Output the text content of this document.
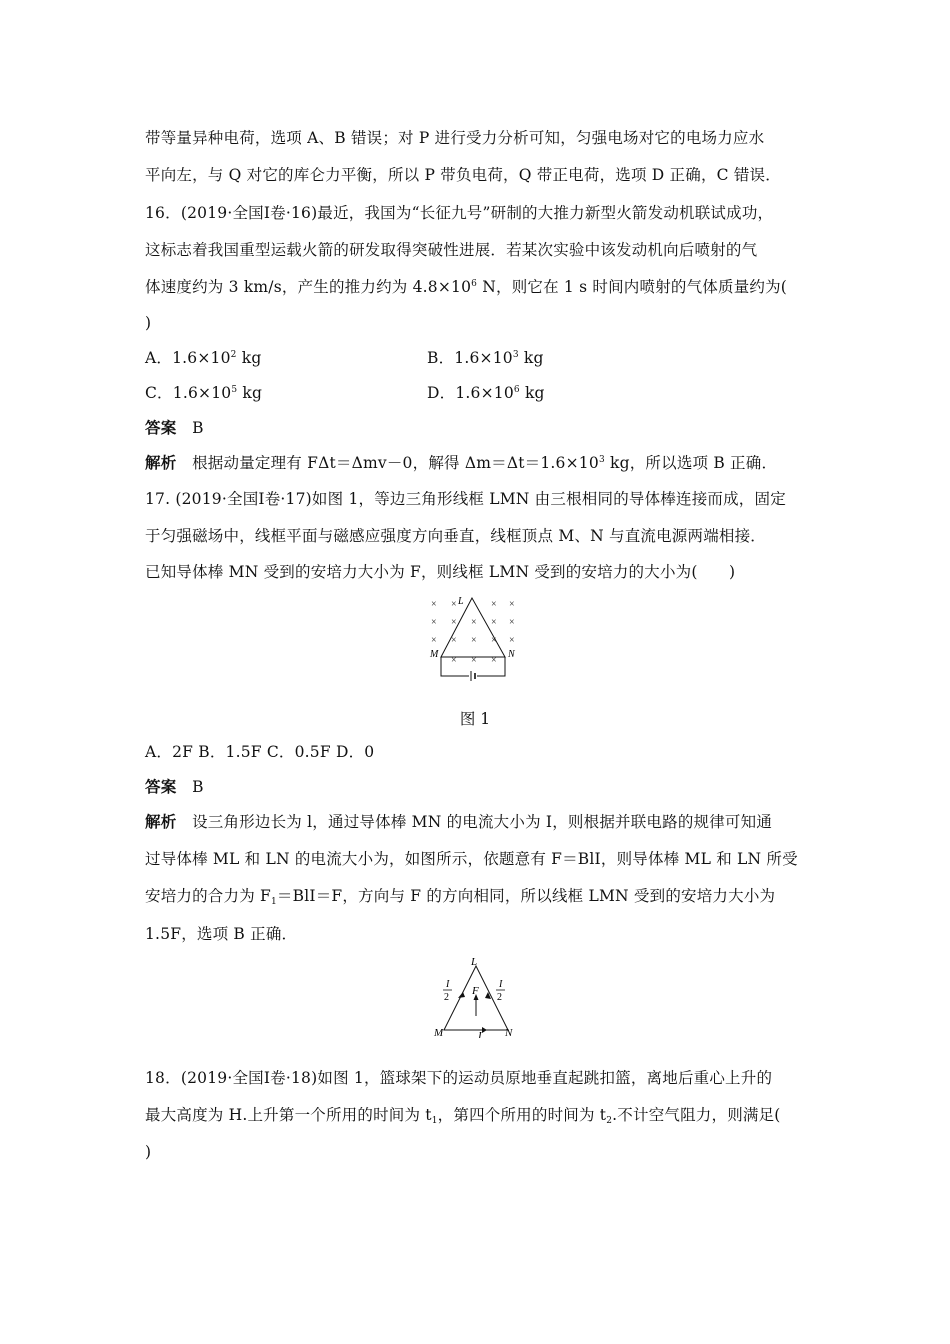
带等量异种电荷，选项 A、B 错误；对 P 进行受力分析可知，匀强电场对它的电场力应水
平向左，与 Q 对它的库仑力平衡，所以 P 带负电荷，Q 带正电荷，选项 D 正确，C 错误．
16．(2019·全国Ⅰ卷·16)最近，我国为“长征九号”研制的大推力新型火箭发动机联试成功，
这标志着我国重型运载火箭的研发取得突破性进展．若某次实验中该发动机向后喷射的气
体速度约为 3 km/s，产生的推力约为 $4.8\times 10^6$ N，则它在 1 s 时间内喷射的气体质量约为(
)
A．$1.6\times 10^2$ kg	B．$1.6\times 10^3$ kg
C．$1.6\times 10^5$ kg	D．$1.6\times 10^6$ kg
答案　 B
解析　 根据动量定理有 FΔt＝Δmv－0，解得 $\Delta m=\Delta t=1.6\times 10^3$ kg，所以选项 B 正确．
17. (2019·全国Ⅰ卷·17)如图 1，等边三角形线框 LMN 由三根相同的导体棒连接而成，固定
于匀强磁场中，线框平面与磁感应强度方向垂直，线框顶点 M、N 与直流电源两端相接．
已知导体棒 MN 受到的安培力大小为 F，则线框 LMN 受到的安培力的大小为(　　)
× ×	× ×
× × × × ×
× × × × ×
× × ×
L
M	N
图 1
A．2F B．1.5F C．0.5F D．0
答案　 B
解析　 设三角形边长为 l，通过导体棒 MN 的电流大小为 I，则根据并联电路的规律可知通
过导体棒 ML 和 LN 的电流大小为，如图所示，依题意有 F＝BlI，则导体棒 ML 和 LN 所受
安培力的合力为 $F_1=BlI=F$，方向与 F 的方向相同，所以线框 LMN 受到的安培力大小为
1.5F，选项 B 正确．
L
M	N
F
I
I
2
I
2
18．(2019·全国Ⅰ卷·18)如图 1，篮球架下的运动员原地垂直起跳扣篮，离地后重心上升的
最大高度为 H.上升第一个所用的时间为 $t_1$，第四个所用的时间为 $t_2$.不计空气阻力，则满足(
)
